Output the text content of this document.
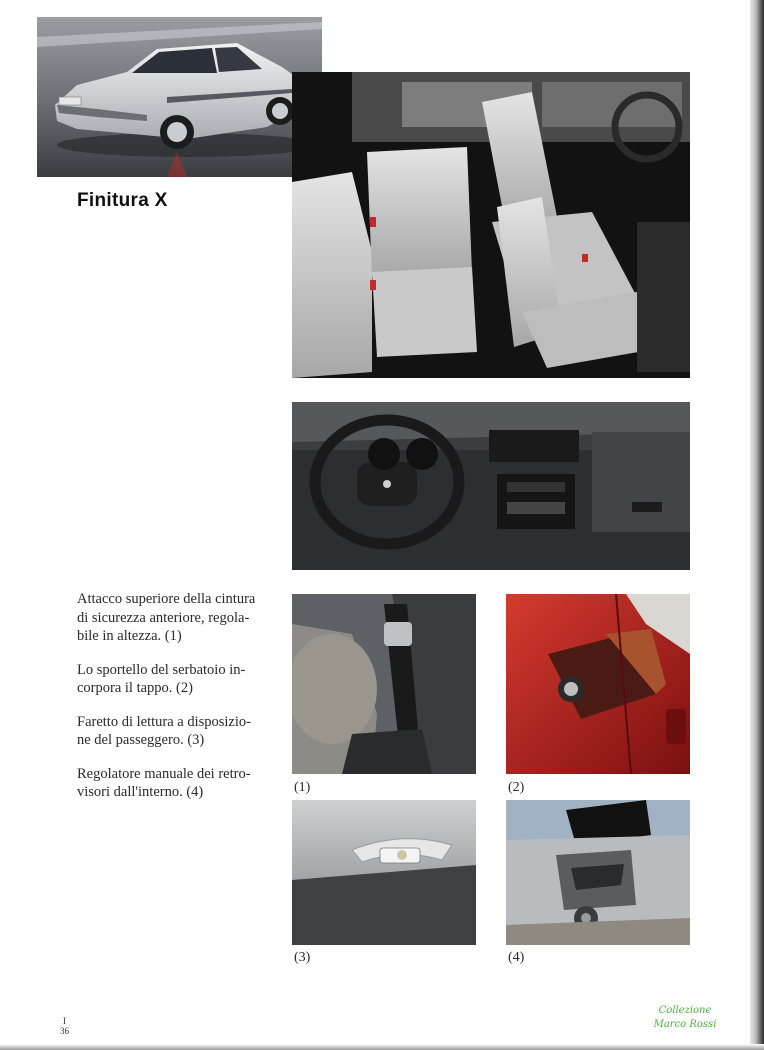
Finitura X
Attacco superiore della cintura
di sicurezza anteriore, regola-
bile in altezza. (1)
Lo sportello del serbatoio in-
corpora il tappo. (2)
Faretto di lettura a disposizio-
ne del passeggero. (3)
Regolatore manuale dei retro-
visori dall'interno. (4)	(1)	(2)
(3)	(4)
I
36
Collezione
Marco Rossi
